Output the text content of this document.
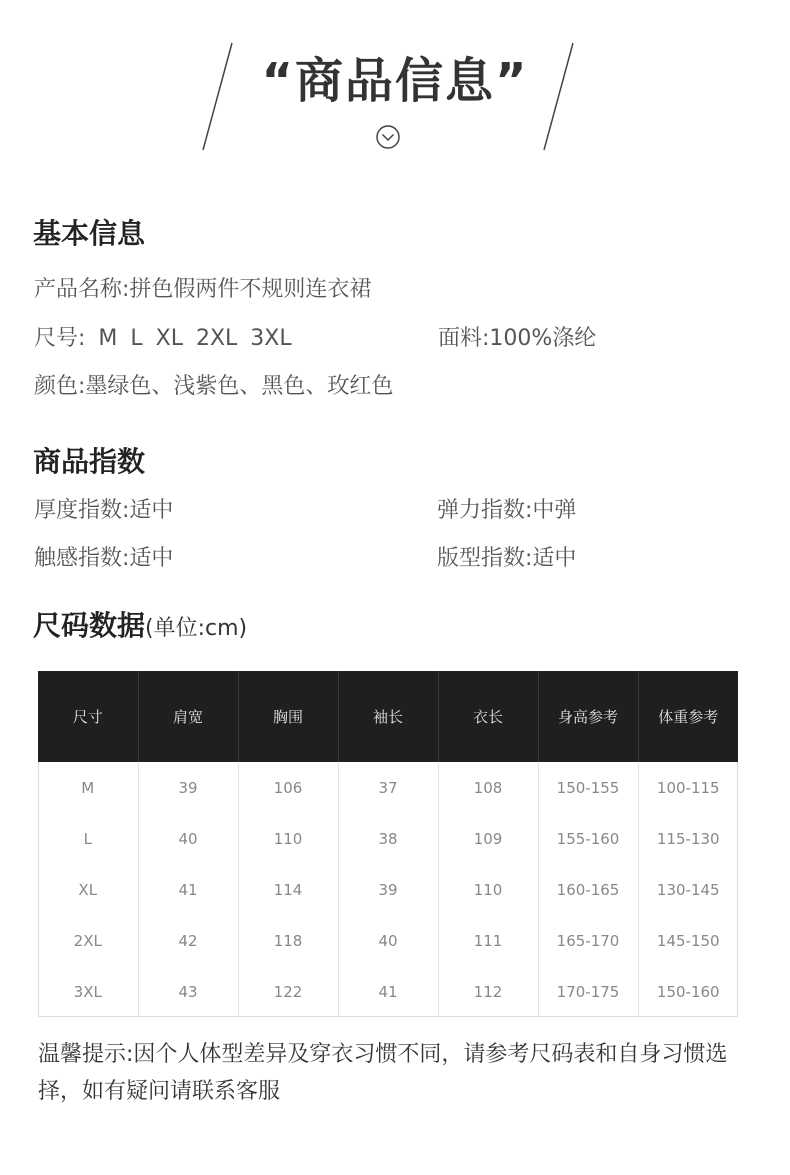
“商品信息”
基本信息
产品名称:拼色假两件不规则连衣裙
尺号: M L XL 2XL 3XL	面料:100%涤纶
颜色:墨绿色、浅紫色、黑色、玫红色
商品指数
厚度指数:适中	弹力指数:中弹
触感指数:适中	版型指数:适中
尺码数据(单位:cm)
尺寸	肩宽	胸围	袖长	衣长	身高参考	体重参考
M	39	106	37	108	150-155	100-115
L	40	110	38	109	155-160	115-130
XL	41	114	39	110	160-165	130-145
2XL	42	118	40	111	165-170	145-150
3XL	43	122	41	112	170-175	150-160
温馨提示:因个人体型差异及穿衣习惯不同，请参考尺码表和自身习惯选择，如有疑问请联系客服
